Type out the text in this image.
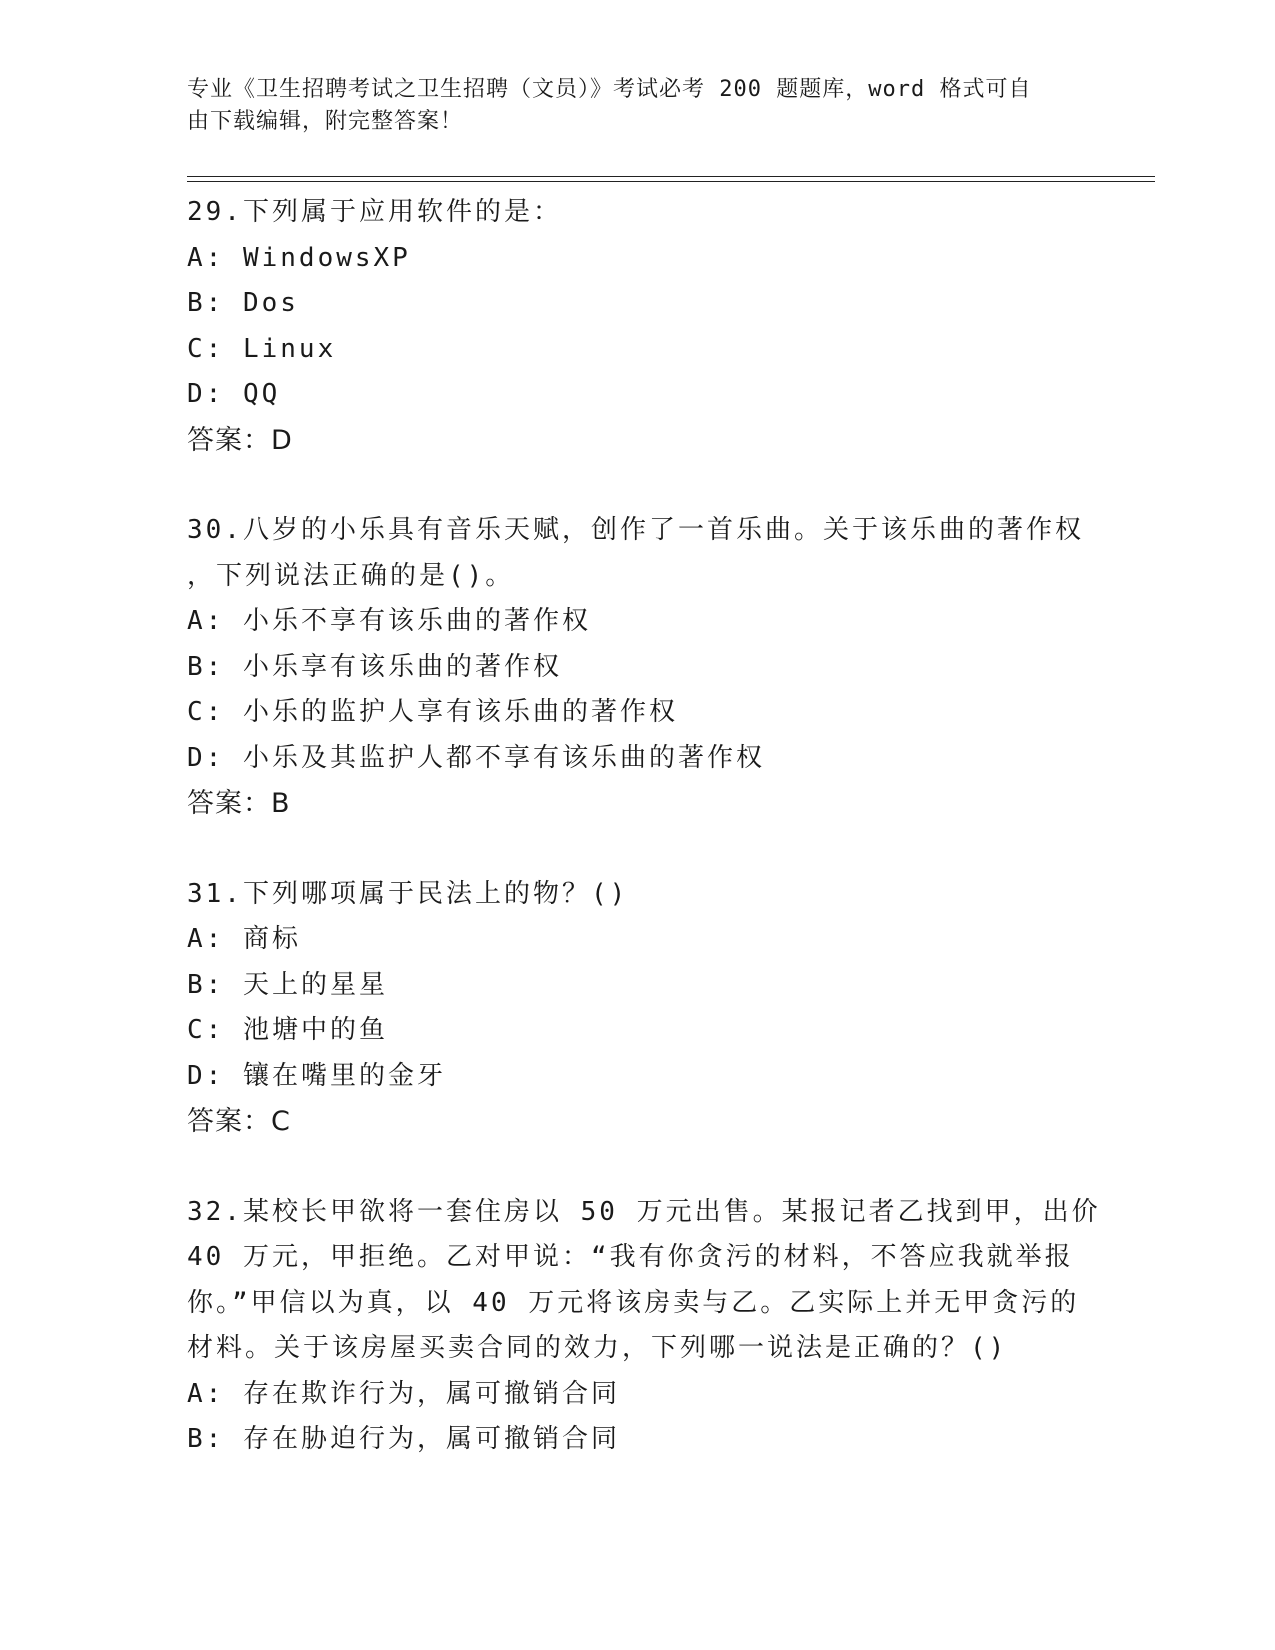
专业《卫生招聘考试之卫生招聘（文员）》考试必考 200 题题库，word 格式可自
由下载编辑，附完整答案！
29.下列属于应用软件的是：
A: WindowsXP
B: Dos
C: Linux
D: QQ
答案：D
30.八岁的小乐具有音乐天赋，创作了一首乐曲。关于该乐曲的著作权
，下列说法正确的是()。
A: 小乐不享有该乐曲的著作权
B: 小乐享有该乐曲的著作权
C: 小乐的监护人享有该乐曲的著作权
D: 小乐及其监护人都不享有该乐曲的著作权
答案：B
31.下列哪项属于民法上的物？()
A: 商标
B: 天上的星星
C: 池塘中的鱼
D: 镶在嘴里的金牙
答案：C
32.某校长甲欲将一套住房以 50 万元出售。某报记者乙找到甲，出价
40 万元，甲拒绝。乙对甲说：“我有你贪污的材料，不答应我就举报
你。”甲信以为真，以 40 万元将该房卖与乙。乙实际上并无甲贪污的
材料。关于该房屋买卖合同的效力，下列哪一说法是正确的？()
A: 存在欺诈行为，属可撤销合同
B: 存在胁迫行为，属可撤销合同
